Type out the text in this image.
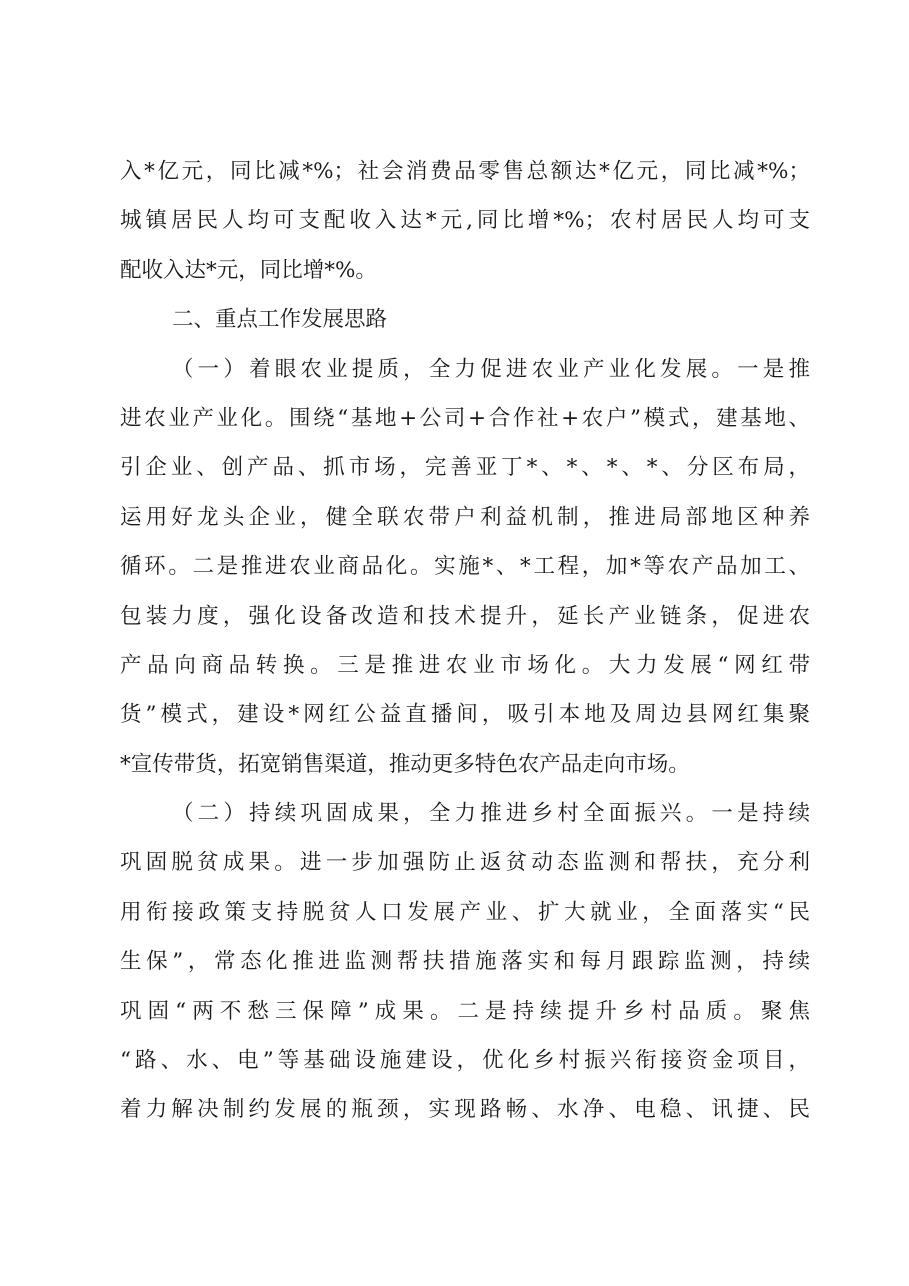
入*亿元，同比减*%；社会消费品零售总额达*亿元，同比减*%；
城镇居民人均可支配收入达*元,同比增*%；农村居民人均可支
配收入达*元，同比增*%。
二、重点工作发展思路
（一）着眼农业提质，全力促进农业产业化发展。一是推
进农业产业化。围绕“基地+公司+合作社+农户”模式，建基地、
引企业、创产品、抓市场，完善亚丁*、*、*、*、分区布局，
运用好龙头企业，健全联农带户利益机制，推进局部地区种养
循环。二是推进农业商品化。实施*、*工程，加*等农产品加工、
包装力度，强化设备改造和技术提升，延长产业链条，促进农
产品向商品转换。三是推进农业市场化。大力发展“网红带
货”模式，建设*网红公益直播间，吸引本地及周边县网红集聚
*宣传带货，拓宽销售渠道，推动更多特色农产品走向市场。
（二）持续巩固成果，全力推进乡村全面振兴。一是持续
巩固脱贫成果。进一步加强防止返贫动态监测和帮扶，充分利
用衔接政策支持脱贫人口发展产业、扩大就业，全面落实“民
生保”，常态化推进监测帮扶措施落实和每月跟踪监测，持续
巩固“两不愁三保障”成果。二是持续提升乡村品质。聚焦
“路、水、电”等基础设施建设，优化乡村振兴衔接资金项目，
着力解决制约发展的瓶颈，实现路畅、水净、电稳、讯捷、民
